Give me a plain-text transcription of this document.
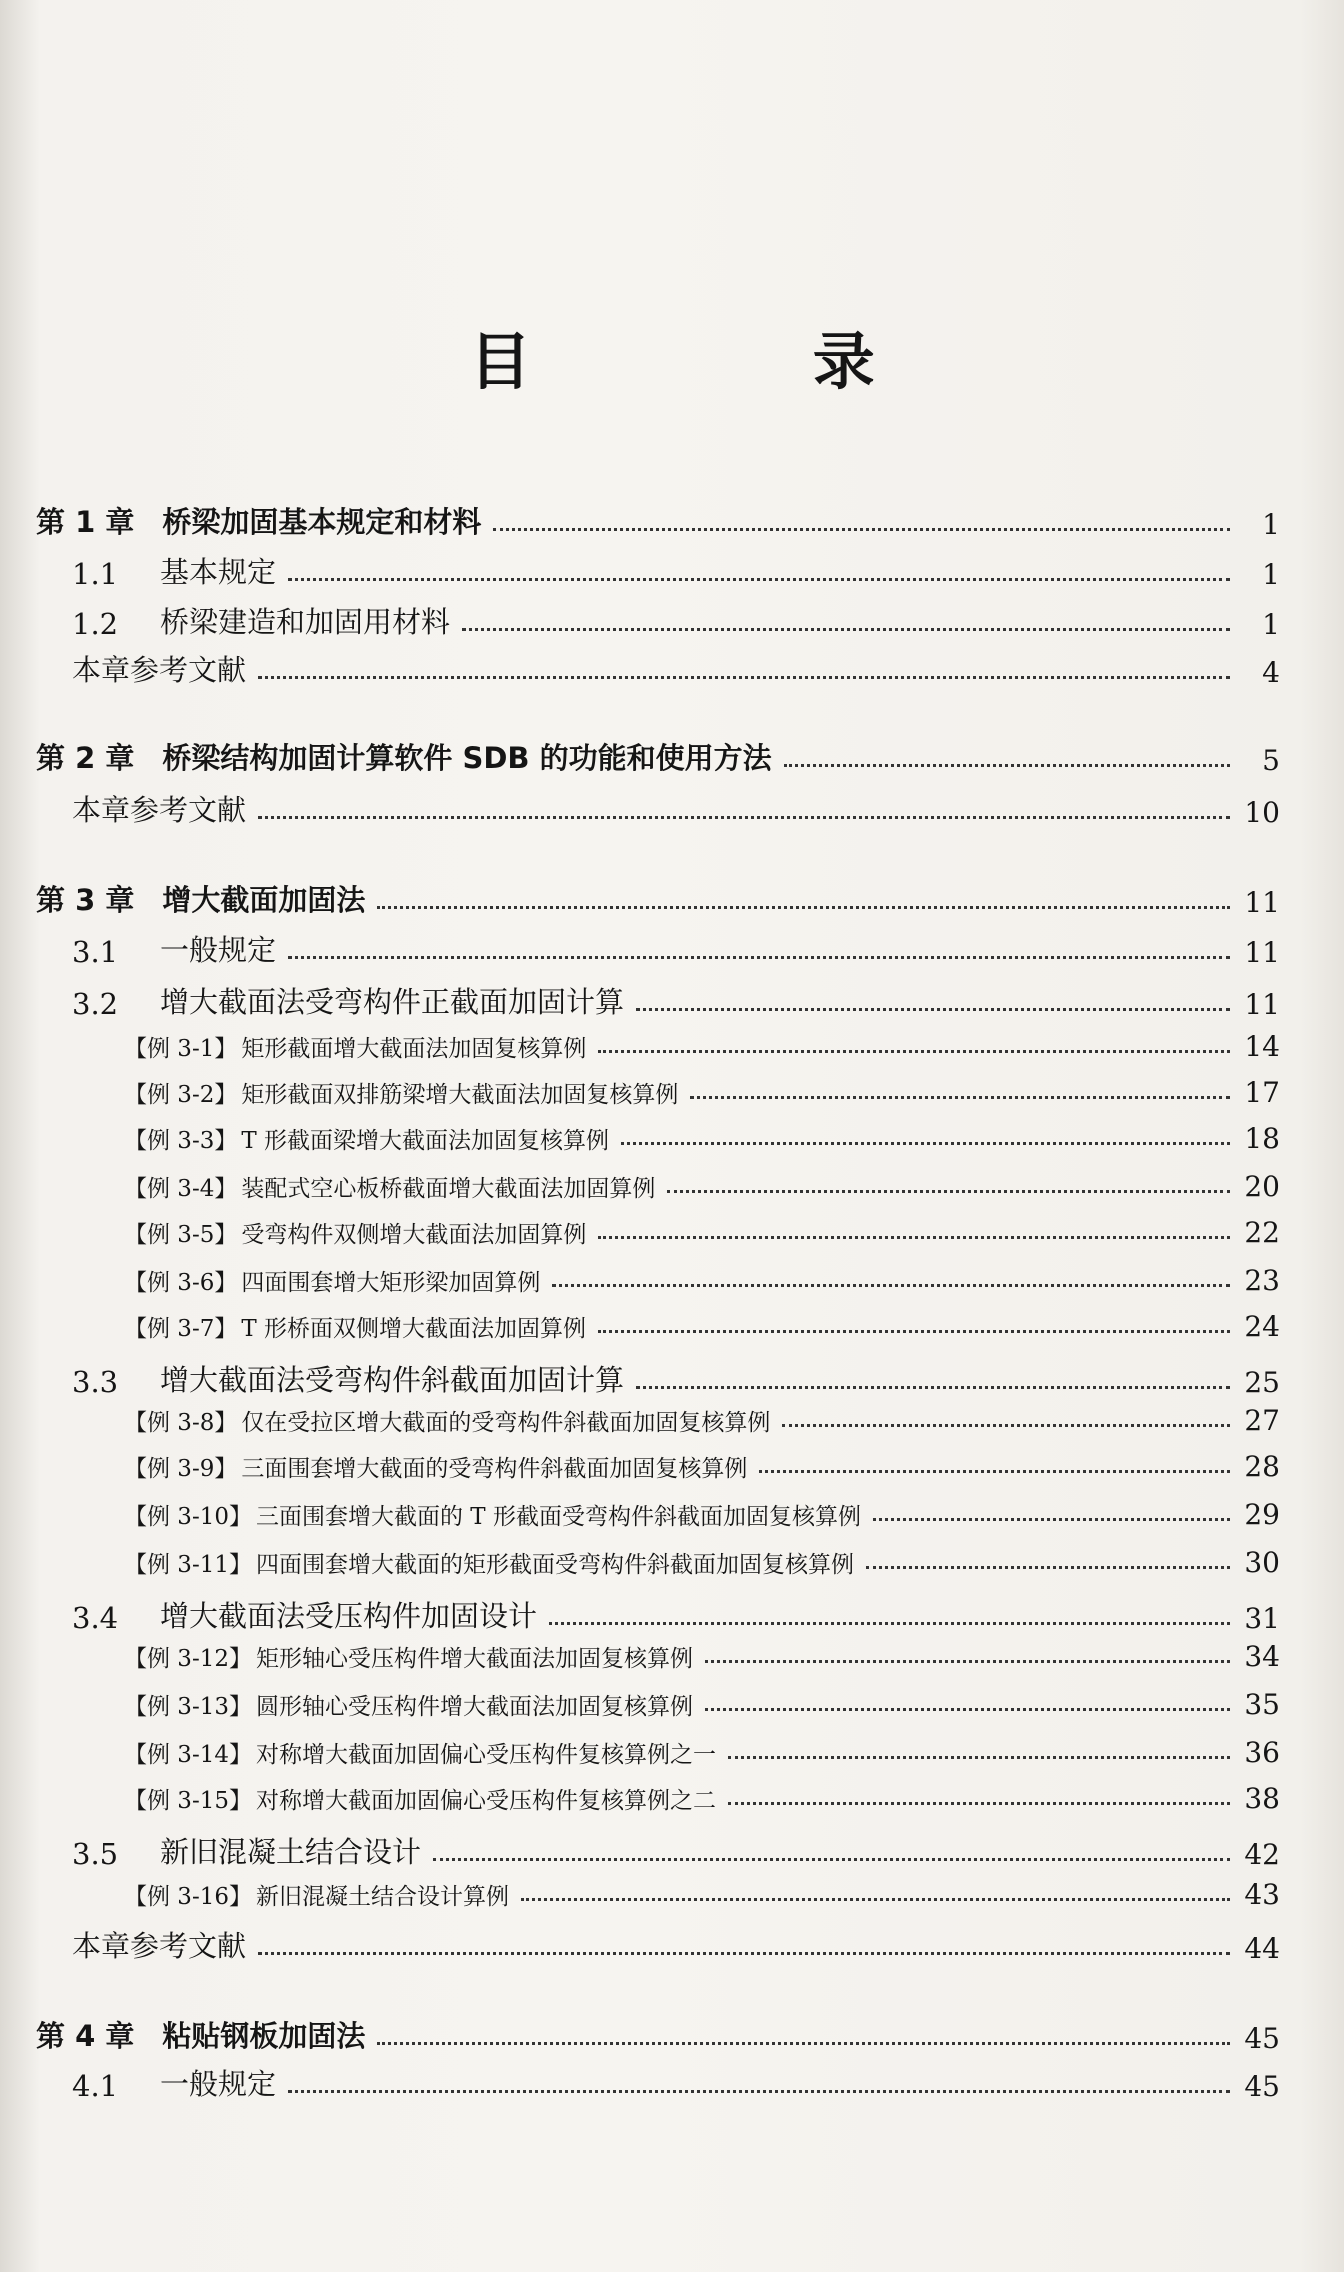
目 录
第 1 章 桥梁加固基本规定和材料	1
1.1	基本规定	1
1.2	桥梁建造和加固用材料	1
本章参考文献	4
第 2 章 桥梁结构加固计算软件 SDB 的功能和使用方法	5
本章参考文献	10
第 3 章 增大截面加固法	11
3.1	一般规定	11
3.2	增大截面法受弯构件正截面加固计算	11
【例 3-1】 矩形截面增大截面法加固复核算例	14
【例 3-2】 矩形截面双排筋梁增大截面法加固复核算例	17
【例 3-3】 T 形截面梁增大截面法加固复核算例	18
【例 3-4】 装配式空心板桥截面增大截面法加固算例	20
【例 3-5】 受弯构件双侧增大截面法加固算例	22
【例 3-6】 四面围套增大矩形梁加固算例	23
【例 3-7】 T 形桥面双侧增大截面法加固算例	24
3.3	增大截面法受弯构件斜截面加固计算	25
【例 3-8】 仅在受拉区增大截面的受弯构件斜截面加固复核算例	27
【例 3-9】 三面围套增大截面的受弯构件斜截面加固复核算例	28
【例 3-10】 三面围套增大截面的 T 形截面受弯构件斜截面加固复核算例	29
【例 3-11】 四面围套增大截面的矩形截面受弯构件斜截面加固复核算例	30
3.4	增大截面法受压构件加固设计	31
【例 3-12】 矩形轴心受压构件增大截面法加固复核算例	34
【例 3-13】 圆形轴心受压构件增大截面法加固复核算例	35
【例 3-14】 对称增大截面加固偏心受压构件复核算例之一	36
【例 3-15】 对称增大截面加固偏心受压构件复核算例之二	38
3.5	新旧混凝土结合设计	42
【例 3-16】 新旧混凝土结合设计算例	43
本章参考文献	44
第 4 章 粘贴钢板加固法	45
4.1	一般规定	45
